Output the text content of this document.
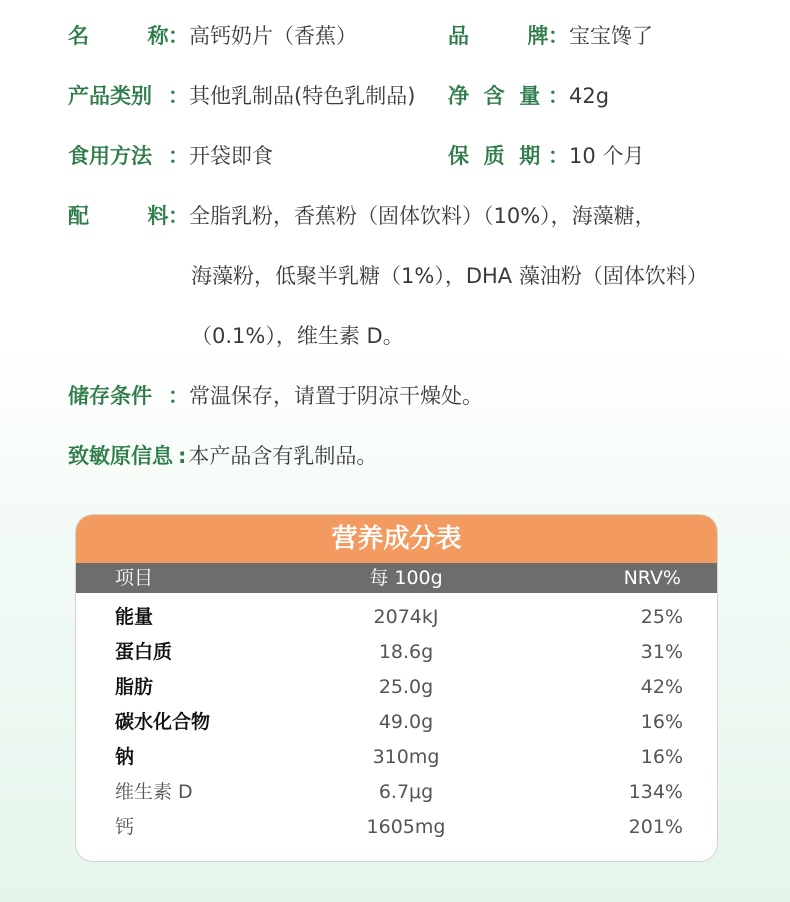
名        称：高钙奶片（香蕉）	品        牌：宝宝馋了
产品类别 ：其他乳制品(特色乳制品) 净  含  量 ：42g
食用方法 ：开袋即食	保  质  期 ：10 个月
配        料：全脂乳粉，香蕉粉（固体饮料）（10%），海藻糖，
海藻粉，低聚半乳糖（1%），DHA 藻油粉（固体饮料）
（0.1%），维生素 D。
储存条件 ：常温保存，请置于阴凉干燥处。
致敏原信息 :本产品含有乳制品。
营养成分表
项目	每 100g	NRV%
能量	2074kJ	25%
蛋白质	18.6g	31%
脂肪	25.0g	42%
碳水化合物	49.0g	16%
钠	310mg	16%
维生素 D	6.7μg	134%
钙	1605mg	201%
